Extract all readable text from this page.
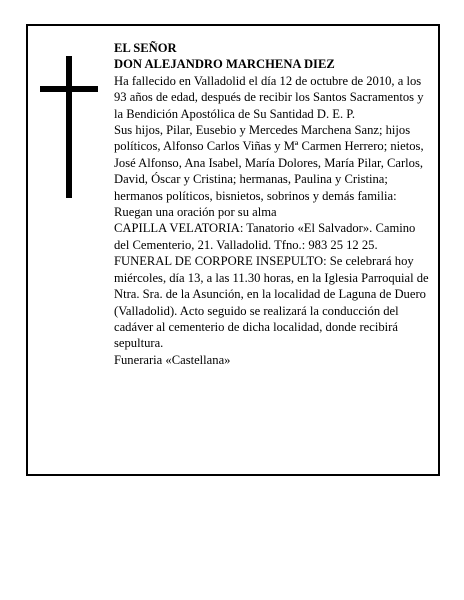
EL SEÑOR

DON ALEJANDRO MARCHENA DIEZ

Ha fallecido en Valladolid el día 12 de octubre de 2010, a los 93 años de edad, después de recibir los Santos Sacramentos y la Bendición Apostólica de Su Santidad D. E. P.

Sus hijos, Pilar, Eusebio y Mercedes Marchena Sanz; hijos políticos, Alfonso Carlos Viñas y Mª Carmen Herrero; nietos, José Alfonso, Ana Isabel, María Dolores, María Pilar, Carlos, David, Óscar y Cristina; hermanas, Paulina y Cristina; hermanos políticos, bisnietos, sobrinos y demás familia:

Ruegan una oración por su alma

CAPILLA VELATORIA: Tanatorio «El Salvador». Camino del Cementerio, 21. Valladolid. Tfno.: 983 25 12 25.

FUNERAL DE CORPORE INSEPULTO: Se celebrará hoy miércoles, día 13, a las 11.30 horas, en la Iglesia Parroquial de Ntra. Sra. de la Asunción, en la localidad de Laguna de Duero (Valladolid). Acto seguido se realizará la conducción del cadáver al cementerio de dicha localidad, donde recibirá sepultura.

Funeraria «Castellana»
